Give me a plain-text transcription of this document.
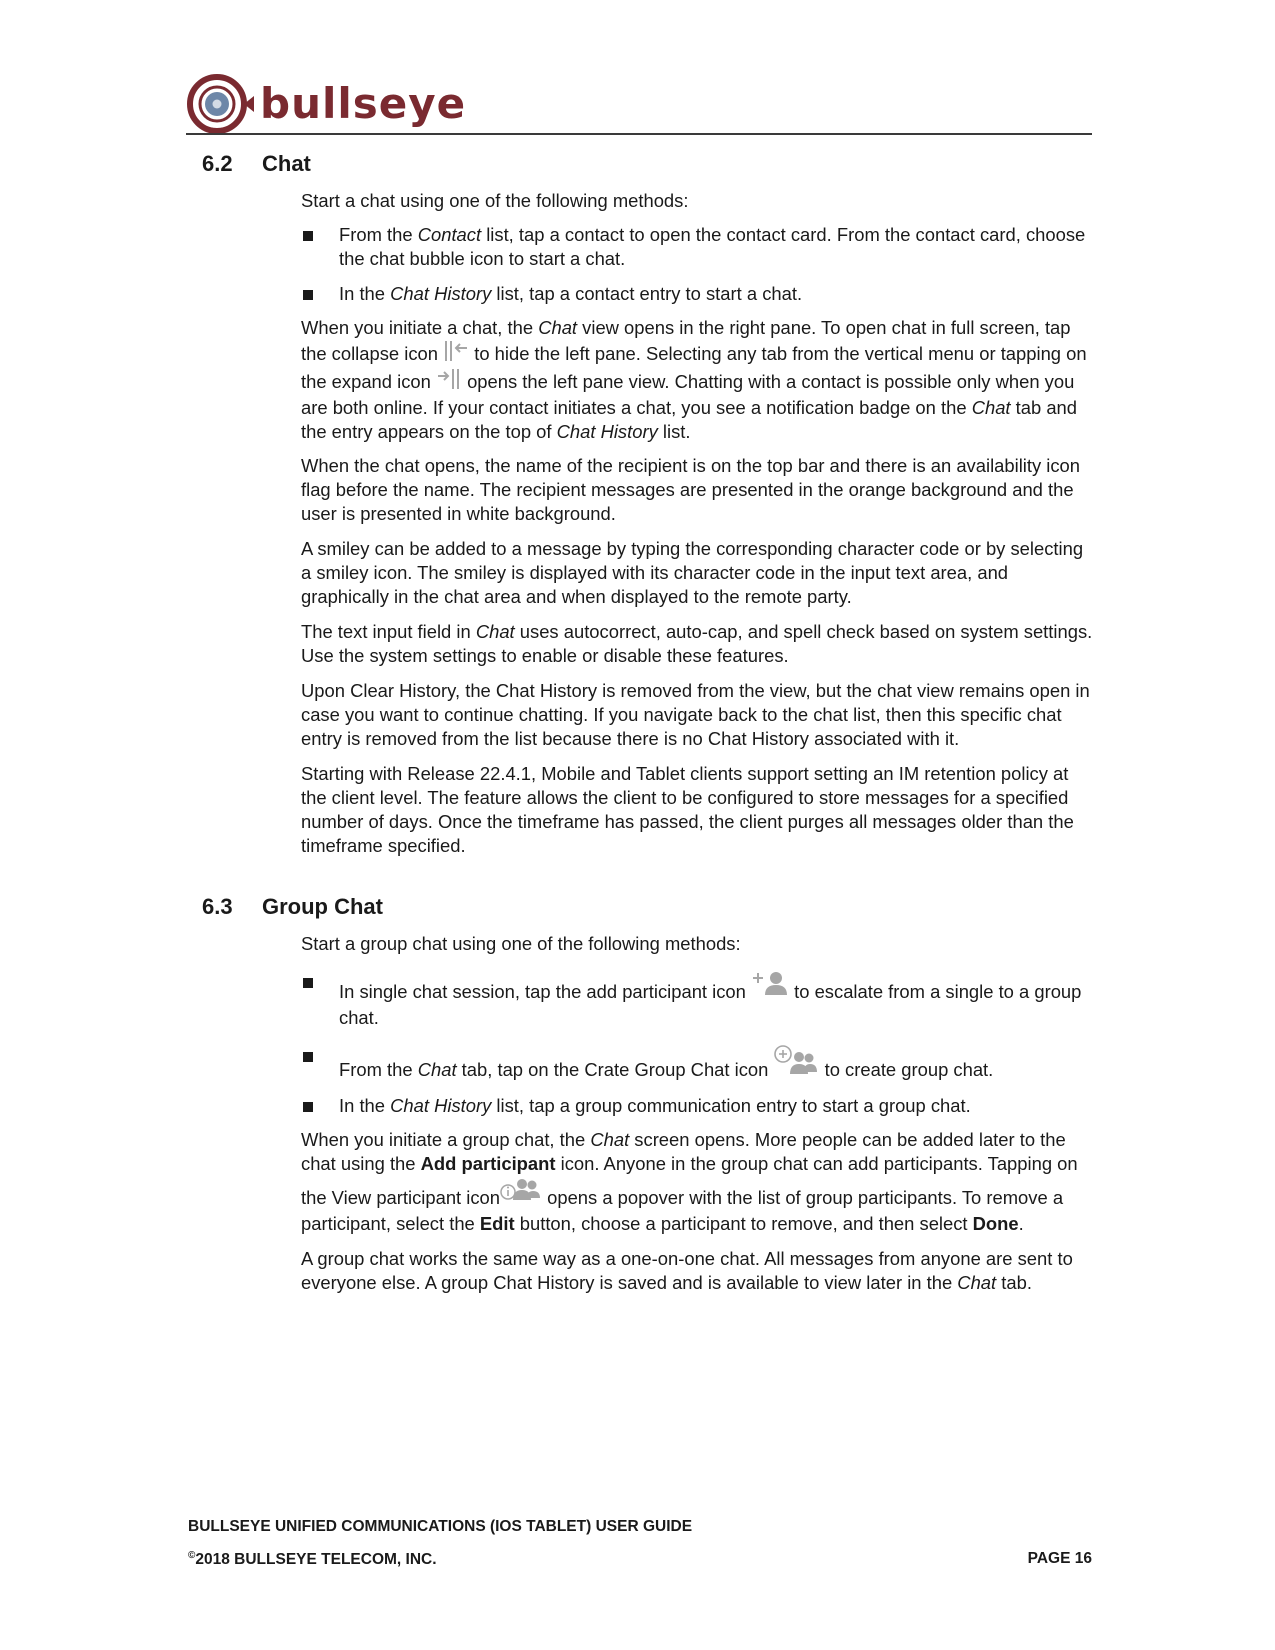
bullseye
6.2 Chat

Start a chat using one of the following methods:

From the Contact list, tap a contact to open the contact card. From the contact card, choose the chat bubble icon to start a chat.
In the Chat History list, tap a contact entry to start a chat.

When you initiate a chat, the Chat view opens in the right pane. To open chat in full screen, tap the collapse icon  to hide the left pane. Selecting any tab from the vertical menu or tapping on the expand icon  opens the left pane view. Chatting with a contact is possible only when you are both online. If your contact initiates a chat, you see a notification badge on the Chat tab and the entry appears on the top of Chat History list.

When the chat opens, the name of the recipient is on the top bar and there is an availability icon flag before the name. The recipient messages are presented in the orange background and the user is presented in white background.

A smiley can be added to a message by typing the corresponding character code or by selecting a smiley icon. The smiley is displayed with its character code in the input text area, and graphically in the chat area and when displayed to the remote party.

The text input field in Chat uses autocorrect, auto-cap, and spell check based on system settings. Use the system settings to enable or disable these features.

Upon Clear History, the Chat History is removed from the view, but the chat view remains open in case you want to continue chatting. If you navigate back to the chat list, then this specific chat entry is removed from the list because there is no Chat History associated with it.

Starting with Release 22.4.1, Mobile and Tablet clients support setting an IM retention policy at the client level. The feature allows the client to be configured to store messages for a specified number of days. Once the timeframe has passed, the client purges all messages older than the timeframe specified.

6.3 Group Chat

Start a group chat using one of the following methods:

In single chat session, tap the add participant icon  to escalate from a single to a group chat.
From the Chat tab, tap on the Crate Group Chat icon	to create group chat.
In the Chat History list, tap a group communication entry to start a group chat.

When you initiate a group chat, the Chat screen opens. More people can be added later to the chat using the Add participant icon. Anyone in the group chat can add participants. Tapping on the View participant icon opens a popover with the list of group participants. To remove a participant, select the Edit button, choose a participant to remove, and then select Done.

A group chat works the same way as a one-on-one chat. All messages from anyone are sent to everyone else. A group Chat History is saved and is available to view later in the Chat tab.

BULLSEYE UNIFIED COMMUNICATIONS (IOS TABLET) USER GUIDE
©2018 BULLSEYE TELECOM, INC.	PAGE 16
